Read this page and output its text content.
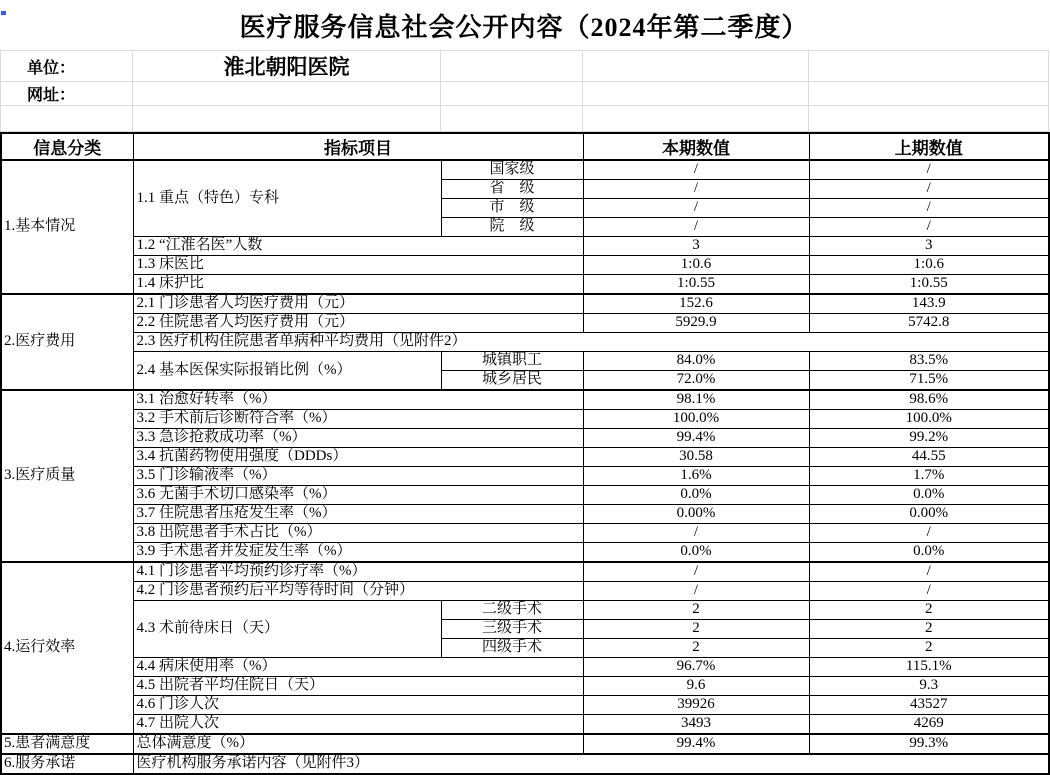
医疗服务信息社会公开内容（2024年第二季度）
单位：	淮北朝阳医院			
网址：				

信息分类	指标项目		本期数值	上期数值
1.基本情况	1.1 重点（特色）专科	国家级	/	/
		省　级	/	/
		市　级	/	/
		院　级	/	/
	1.2 “江淮名医”人数		3	3
	1.3 床医比		1:0.6	1:0.6
	1.4 床护比		1:0.55	1:0.55
2.医疗费用	2.1 门诊患者人均医疗费用（元）		152.6	143.9
	2.2 住院患者人均医疗费用（元）		5929.9	5742.8
	2.3 医疗机构住院患者单病种平均费用（见附件2）			
	2.4 基本医保实际报销比例（%）	城镇职工	84.0%	83.5%
		城乡居民	72.0%	71.5%
3.医疗质量	3.1 治愈好转率（%）		98.1%	98.6%
	3.2 手术前后诊断符合率（%）		100.0%	100.0%
	3.3 急诊抢救成功率（%）		99.4%	99.2%
	3.4 抗菌药物使用强度（DDDs）		30.58	44.55
	3.5 门诊输液率（%）		1.6%	1.7%
	3.6 无菌手术切口感染率（%）		0.0%	0.0%
	3.7 住院患者压疮发生率（%）		0.00%	0.00%
	3.8 出院患者手术占比（%）		/	/
	3.9 手术患者并发症发生率（%）		0.0%	0.0%
4.运行效率	4.1 门诊患者平均预约诊疗率（%）		/	/
	4.2 门诊患者预约后平均等待时间（分钟）		/	/
	4.3 术前待床日（天）	二级手术	2	2
		三级手术	2	2
		四级手术	2	2
	4.4 病床使用率（%）		96.7%	115.1%
	4.5 出院者平均住院日（天）		9.6	9.3
	4.6 门诊人次		39926	43527
	4.7 出院人次		3493	4269
5.患者满意度	总体满意度（%）		99.4%	99.3%
6.服务承诺	医疗机构服务承诺内容（见附件3）			
